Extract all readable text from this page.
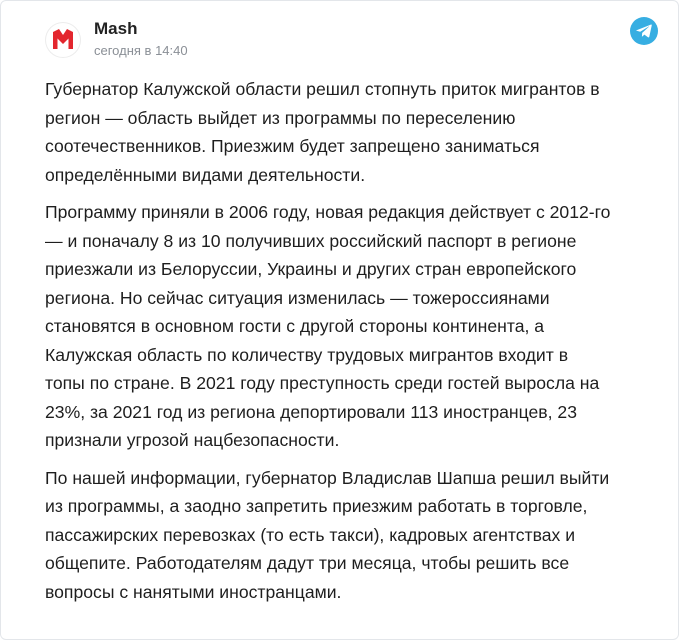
Mash
сегодня в 14:40

Губернатор Калужской области решил стопнуть приток мигрантов в
регион — область выйдет из программы по переселению
соотечественников. Приезжим будет запрещено заниматься
определёнными видами деятельности.

Программу приняли в 2006 году, новая редакция действует с 2012-го
— и поначалу 8 из 10 получивших российский паспорт в регионе
приезжали из Белоруссии, Украины и других стран европейского
региона. Но сейчас ситуация изменилась — тожероссиянами
становятся в основном гости с другой стороны континента, а
Калужская область по количеству трудовых мигрантов входит в
топы по стране. В 2021 году преступность среди гостей выросла на
23%, за 2021 год из региона депортировали 113 иностранцев, 23
признали угрозой нацбезопасности.

По нашей информации, губернатор Владислав Шапша решил выйти
из программы, а заодно запретить приезжим работать в торговле,
пассажирских перевозках (то есть такси), кадровых агентствах и
общепите. Работодателям дадут три месяца, чтобы решить все
вопросы с нанятыми иностранцами.
